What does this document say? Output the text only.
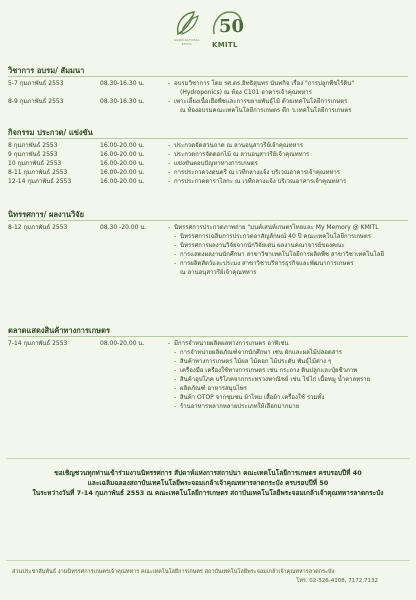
AGRICULTURAL KMITL
50
KMITL
วิชาการ อบรม/ สัมมนา
5-7 กุมภาพันธ์ 2553	08.30-16.30 น.	- อบรมวิชาการ โดย รศ.ดร.อิทธิสุนทร นันทกิจ เรื่อง "การปลูกพืชไร้ดิน"
(Hydroponics) ณ ห้อง C101 อาคารเจ้าคุณทหาร
8-9 กุมภาพันธ์ 2553	08.30-16.30 น.	- เพาะเลี้ยงเนื้อเยื่อพืชและการขยายพันธุ์ไม้ ด้วยเทคโนโลยีการเกษตร
ณ ห้องอบรมคณะเทคโนโลยีการเกษตร ตึก ว.เทคโนโลยีการเกษตร
กิจกรรม ประกวด/ แข่งขัน
8 กุมภาพันธ์ 2553	16.00-20.00 น.	- ประกวดจัดสวนถาด ณ ลานอนุสาวรีย์เจ้าคุณทหาร
9 กุมภาพันธ์ 2553	16.00-20.00 น.	- ประกวดการจัดดอกไม้ ณ ลานอนุสาวรีย์เจ้าคุณทหาร
10 กุมภาพันธ์ 2553	16.00-20.00 น.	- แข่งขันตอบปัญหาทางการเกษตร
8-11 กุมภาพันธ์ 2553	16.00-20.00 น.	- การประกวดวงดนตรี ณ เวทีกลางแจ้ง บริเวณอาคารเจ้าคุณทหาร
12-14 กุมภาพันธ์ 2553	16.00-20.00 น.	- การประกวดดาราโลกะ ณ เวทีกลางแจ้ง บริเวณอาคารเจ้าคุณทหาร
นิทรรศการ/ ผลงานวิจัย
8-12 กุมภาพันธ์ 2553	08.30 -20.00 น.	- นิทรรศการประกวดภาพถ่าย "มนต์เสน่ห์เกษตรไทยและ My Memory @ KMITL
- นิทรรศการเฉลิมการประกวดอาสัญลักษณ์ 40 ปี คณะเทคโนโลยีการเกษตร
- นิทรรศการผลงานวิจัยจากนักวิจัยเด่น ผลงานคณาจารย์ของคณะ
- การแสดงผลงานนักศึกษา สาขาวิชาเทคโนโลยีการผลิตพืช สาขาวิชาเทคโนโลยี
- การผลิตสัตว์และประมง สาขาวิชาบริหารธุรกิจและพัฒนาการเกษตร
ณ ลานอนุสาวรีย์เจ้าคุณทหาร
ตลาดแสดงสินค้าทางการเกษตร
7-14 กุมภาพันธ์ 2553	08.00-20.00 น.	- มีการจำหน่ายผลิตผลทางการเกษตร อาทิเช่น
- การจำหน่ายผลิตภัณฑ์จากนักศึกษา เช่น ผักและผลไม้ปลอดสาร
- สินค้าทางการเกษตร ไม้ผล ไม้ดอก ไม้ประดับ พันธุ์ไม้ต่าง ๆ
- เครื่องมือ เครื่องใช้ทางการเกษตร เช่น กระถาง ดินปลูกและปุ๋ยชีวภาพ
- สินค้าอุปโภค บริโภคจากกระทรวงพาณิชย์ เช่น ไข่ไก่ เนื้อหมู น้ำตาลทราย
- ผลิตภัณฑ์ อาหารสมุนไพร
- สินค้า OTOP จากชุมชน ผ้าไหม เสื้อผ้า เครื่องใช้ ร่วมทั้ง
- ร้านอาหารหลากหลายประเภทให้เลือกมากมาย
ขอเชิญชวนทุกท่านเข้าร่วมงานนิทรรศการ สัปดาห์แห่งการสถาปนา คณะเทคโนโลยีการเกษตร ครบรอบปีที่ 40
และเฉลิมฉลองสถาบันเทคโนโลยีพระจอมเกล้าเจ้าคุณทหารลาดกระบัง ครบรอบปีที่ 50
ในระหว่างวันที่ 7-14 กุมภาพันธ์ 2553 ณ คณะเทคโนโลยีการเกษตร สถาบันเทคโนโลยีพระจอมเกล้าเจ้าคุณทหารลาดกระบัง
ส่วนประชาสัมพันธ์ งานนิทรรศการเกษตรเจ้าคุณทหาร คณะเทคโนโลยีการเกษตร สถาบันเทคโนโลยีพระจอมเกล้าเจ้าคุณทหารลาดกระบัง
โทร. 02-326-4108, 7172,7132
